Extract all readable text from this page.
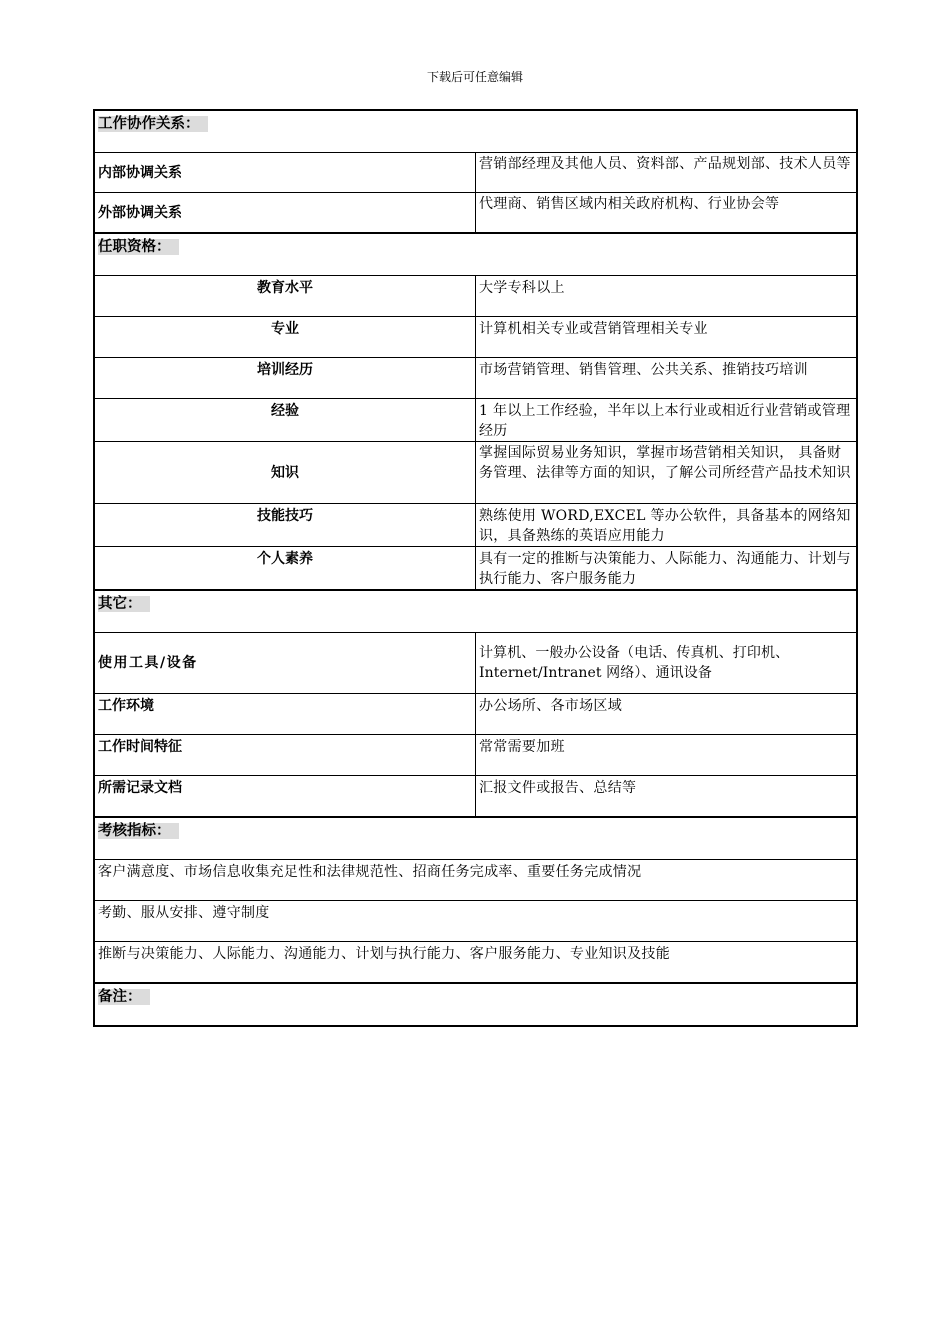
下载后可任意编辑
工作协作关系：	
内部协调关系	营销部经理及其他人员、资料部、产品规划部、技术人员等
外部协调关系	代理商、销售区域内相关政府机构、行业协会等
任职资格：	
教育水平	大学专科以上
专业	计算机相关专业或营销管理相关专业
培训经历	市场营销管理、销售管理、公共关系、推销技巧培训
经验	1 年以上工作经验，半年以上本行业或相近行业营销或管理经历
知识	掌握国际贸易业务知识，掌握市场营销相关知识， 具备财务管理、法律等方面的知识，了解公司所经营产品技术知识
技能技巧	熟练使用 WORD,EXCEL 等办公软件，具备基本的网络知识，具备熟练的英语应用能力
个人素养	具有一定的推断与决策能力、人际能力、沟通能力、计划与执行能力、客户服务能力
其它：	
使用工具/设备	计算机、一般办公设备（电话、传真机、打印机、Internet/Intranet 网络）、通讯设备
工作环境	办公场所、各市场区域
工作时间特征	常常需要加班
所需记录文档	汇报文件或报告、总结等
考核指标：	
客户满意度、市场信息收集充足性和法律规范性、招商任务完成率、重要任务完成情况	
考勤、服从安排、遵守制度	
推断与决策能力、人际能力、沟通能力、计划与执行能力、客户服务能力、专业知识及技能	
备注：	
